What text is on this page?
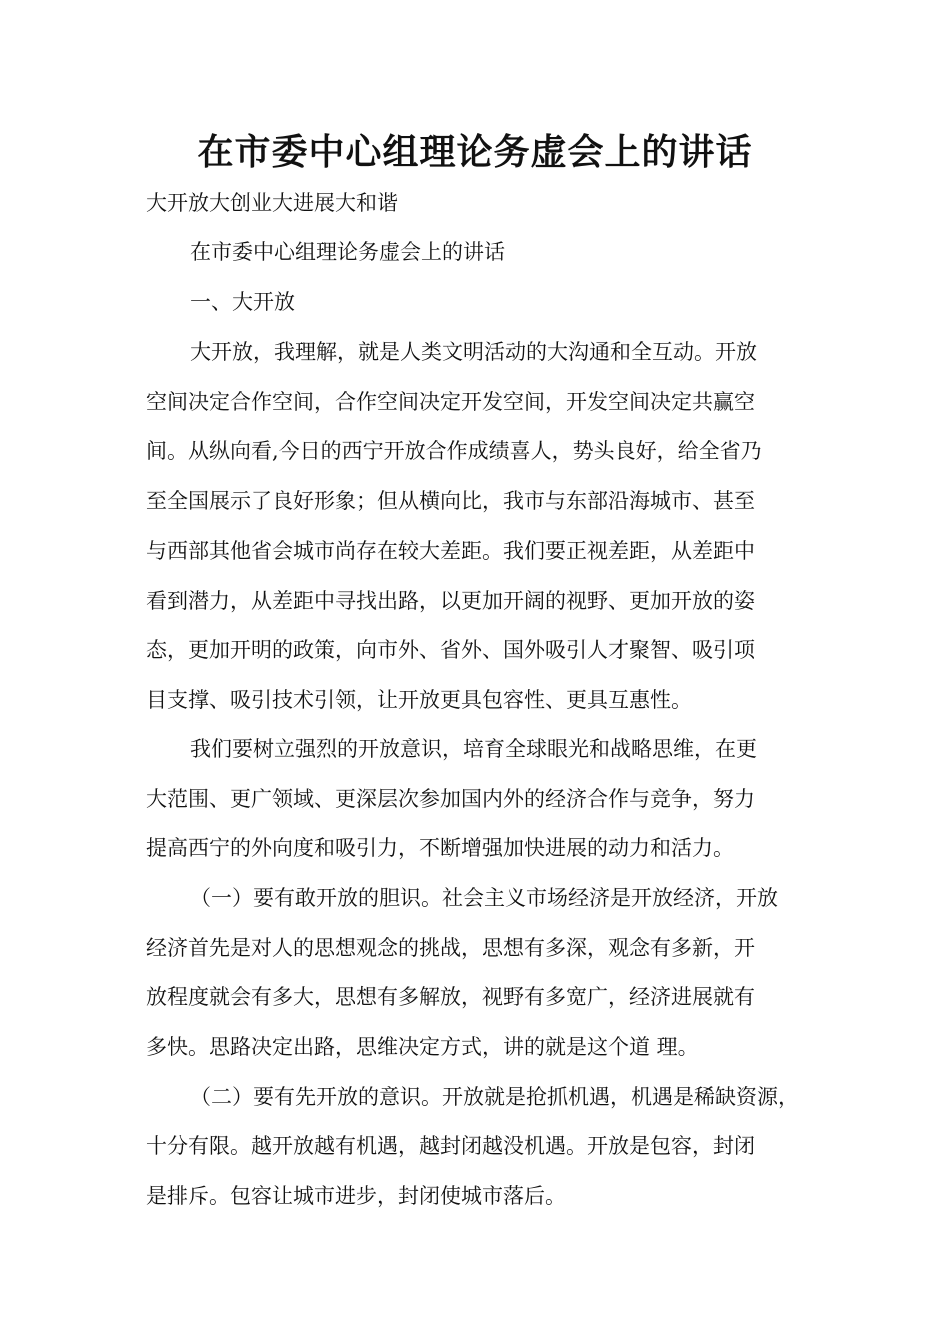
在市委中心组理论务虚会上的讲话

大开放大创业大进展大和谐

在市委中心组理论务虚会上的讲话

一、大开放

大开放，我理解，就是人类文明活动的大沟通和全互动。开放

空间决定合作空间，合作空间决定开发空间，开发空间决定共赢空

间。从纵向看,今日的西宁开放合作成绩喜人，势头良好，给全省乃

至全国展示了良好形象；但从横向比，我市与东部沿海城市、甚至

与西部其他省会城市尚存在较大差距。我们要正视差距，从差距中

看到潜力，从差距中寻找出路，以更加开阔的视野、更加开放的姿

态，更加开明的政策，向市外、省外、国外吸引人才聚智、吸引项

目支撑、吸引技术引领，让开放更具包容性、更具互惠性。

我们要树立强烈的开放意识，培育全球眼光和战略思维，在更

大范围、更广领域、更深层次参加国内外的经济合作与竞争，努力

提高西宁的外向度和吸引力，不断增强加快进展的动力和活力。

（一）要有敢开放的胆识。社会主义市场经济是开放经济，开放

经济首先是对人的思想观念的挑战，思想有多深，观念有多新，开

放程度就会有多大，思想有多解放，视野有多宽广，经济进展就有

多快。思路决定出路，思维决定方式，讲的就是这个道 理。

（二）要有先开放的意识。开放就是抢抓机遇，机遇是稀缺资源，

十分有限。越开放越有机遇，越封闭越没机遇。开放是包容，封闭

是排斥。包容让城市进步，封闭使城市落后。
